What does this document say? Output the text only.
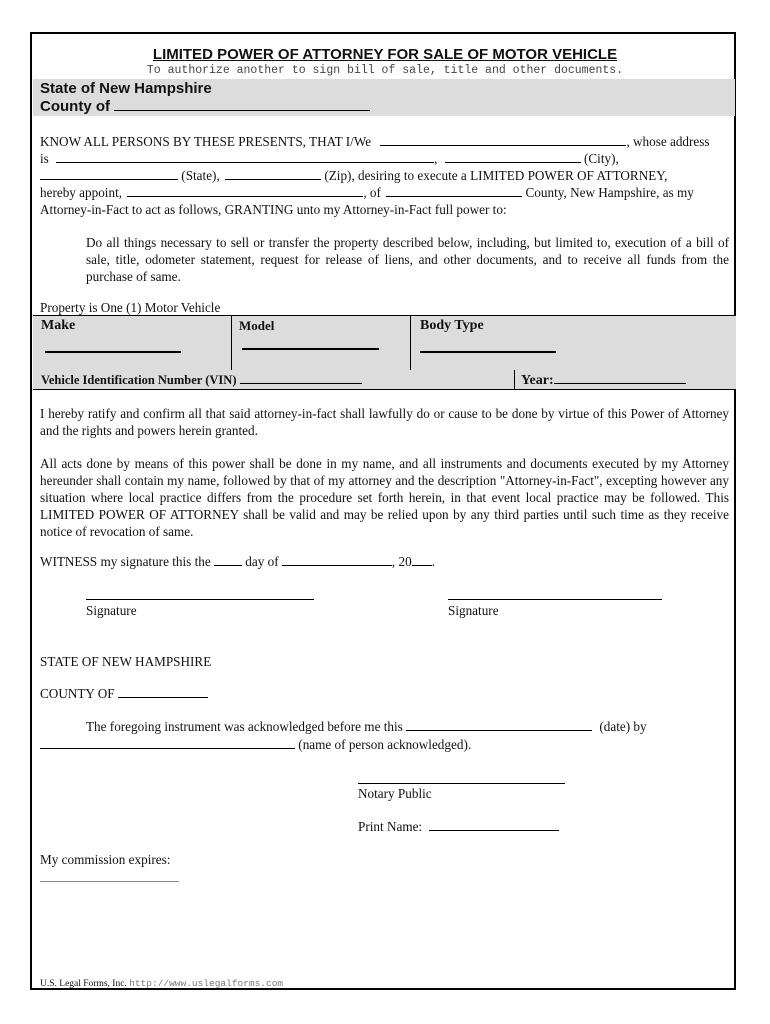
LIMITED POWER OF ATTORNEY FOR SALE OF MOTOR VEHICLE
To authorize another to sign bill of sale, title and other documents.
State of New Hampshire
County of
KNOW ALL PERSONS BY THESE PRESENTS, THAT I/We	, whose address
is	,	(City),
(State),	(Zip), desiring to execute a LIMITED POWER OF ATTORNEY,
hereby appoint,	, of	County, New Hampshire, as my
Attorney-in-Fact to act as follows, GRANTING unto my Attorney-in-Fact full power to:
Do all things necessary to sell or transfer the property described below, including, but limited to, execution of a bill of sale, title, odometer statement, request for release of liens, and other documents, and to receive all funds from the purchase of same.
Property is One (1) Motor Vehicle
Make	Model	Body Type
Vehicle Identification Number (VIN)	Year:
I hereby ratify and confirm all that said attorney-in-fact shall lawfully do or cause to be done by virtue of this Power of Attorney and the rights and powers herein granted.
All acts done by means of this power shall be done in my name, and all instruments and documents executed by my Attorney hereunder shall contain my name, followed by that of my attorney and the description "Attorney-in-Fact", excepting however any situation where local practice differs from the procedure set forth herein, in that event local practice may be followed. This LIMITED POWER OF ATTORNEY shall be valid and may be relied upon by any third parties until such time as they receive notice of revocation of same.
WITNESS my signature this the	day of	, 20 .
Signature	Signature
STATE OF NEW HAMPSHIRE
COUNTY OF
The foregoing instrument was acknowledged before me this	(date) by
(name of person acknowledged).
Notary Public
Print Name:
My commission expires:
U.S. Legal Forms, Inc. http://www.uslegalforms.com
